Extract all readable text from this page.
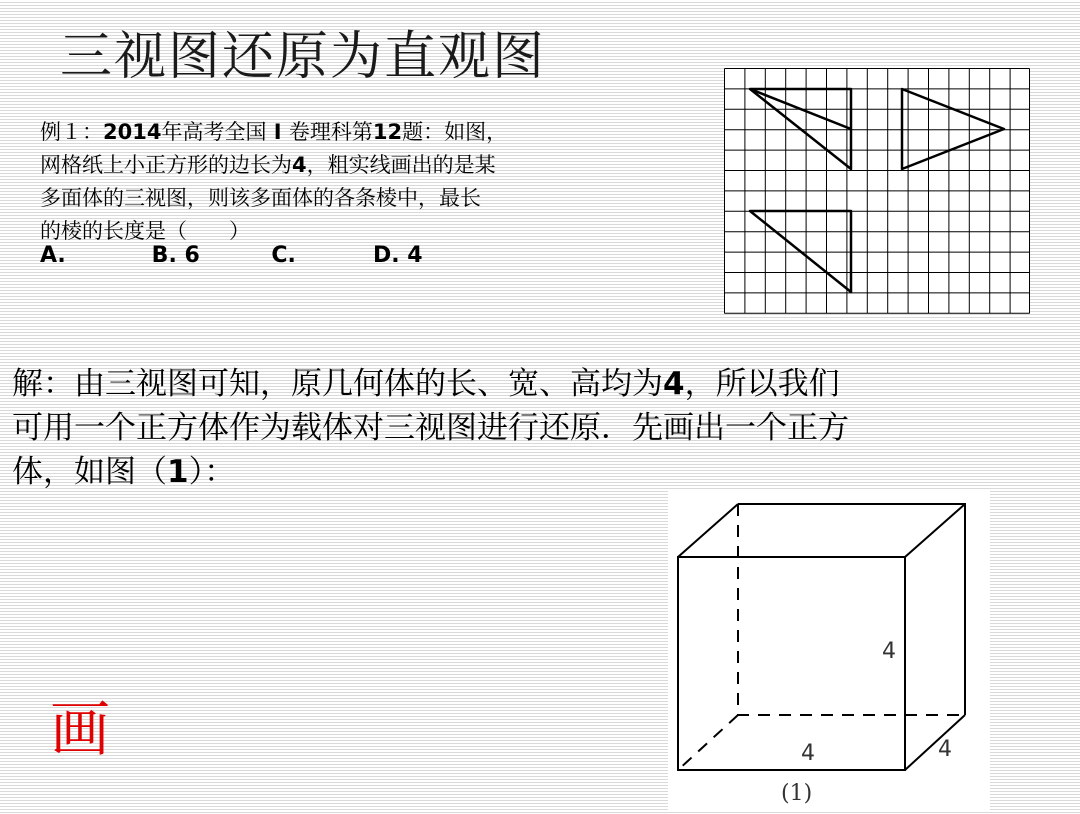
三视图还原为直观图
例１：2014年高考全国 I 卷理科第12题：如图，
网格纸上小正方形的边长为4，粗实线画出的是某
多面体的三视图，则该多面体的各条棱中，最长
的棱的长度是（　　）
A.	B. 6	C.	D. 4
解：由三视图可知，原几何体的长、宽、高均为4，所以我们
可用一个正方体作为载体对三视图进行还原．先画出一个正方
体，如图（1）：
画
4
4	4
(1)
